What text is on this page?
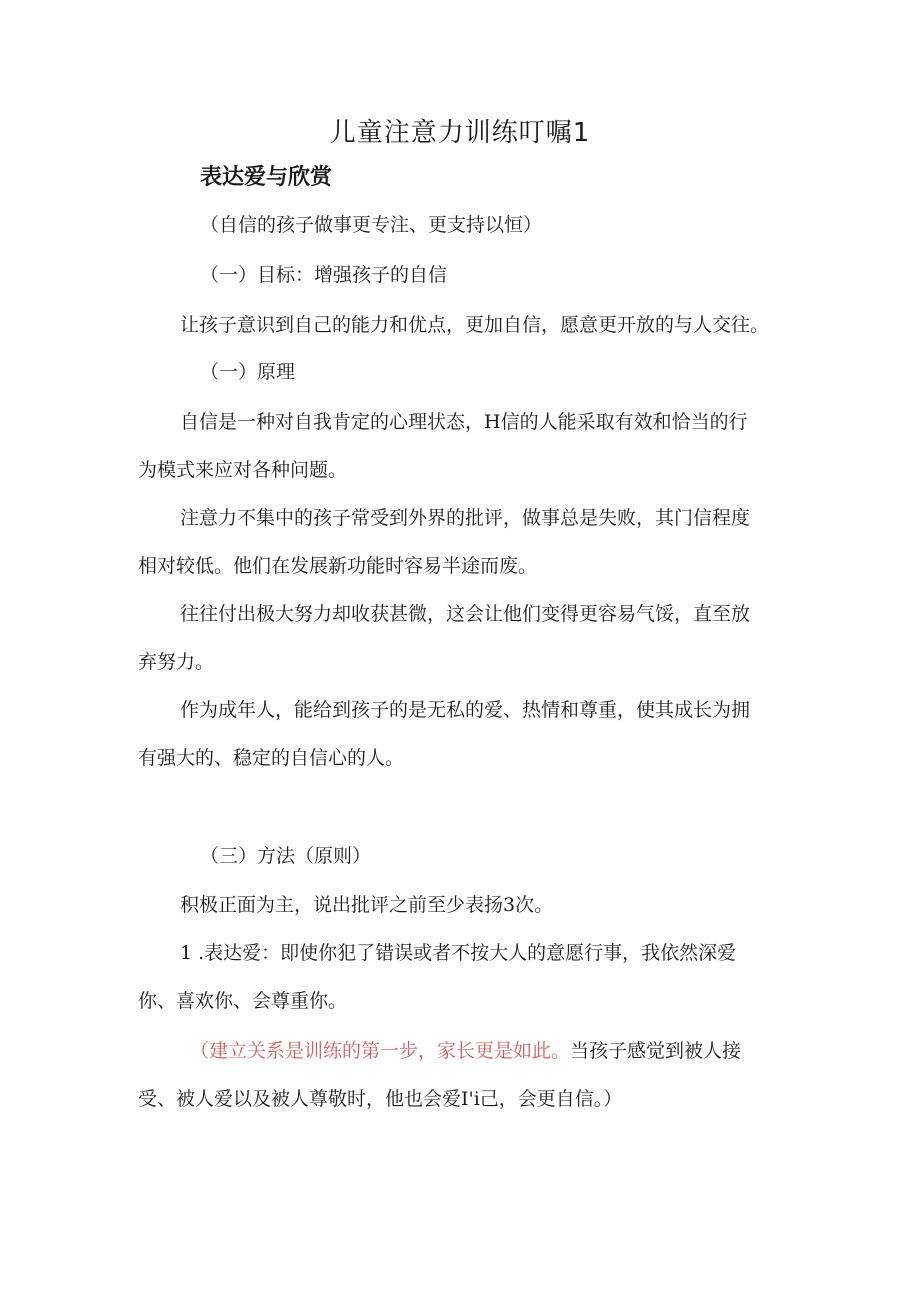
儿童注意力训练叮嘱1
表达爱与欣赏
（自信的孩子做事更专注、更支持以恒）
（一）目标：增强孩子的自信
让孩子意识到自己的能力和优点，更加自信，愿意更开放的与人交往。
（一）原理
自信是一种对自我肯定的心理状态，H信的人能采取有效和恰当的行
为模式来应对各种问题。
注意力不集中的孩子常受到外界的批评，做事总是失败，其门信程度
相对较低。他们在发展新功能时容易半途而废。
往往付出极大努力却收获甚微，这会让他们变得更容易气馁，直至放
弃努力。
作为成年人，能给到孩子的是无私的爱、热情和尊重，使其成长为拥
有强大的、稳定的自信心的人。
（三）方法（原则）
积极正面为主，说出批评之前至少表扬3次。
1 .表达爱：即使你犯了错误或者不按大人的意愿行事，我依然深爱
你、喜欢你、会尊重你。
（建立关系是训练的第一步，家长更是如此。当孩子感觉到被人接
受、被人爱以及被人尊敬时，他也会爱I'i己，会更自信。）
